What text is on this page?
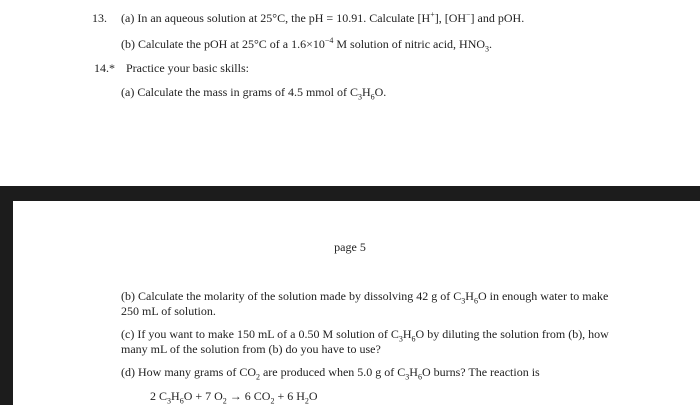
13. (a) In an aqueous solution at 25°C, the pH = 10.91. Calculate [H+], [OH−] and pOH.
(b) Calculate the pOH at 25°C of a $1.6\times 10^{-4}$ M solution of nitric acid, $HNO_3$.
14.* Practice your basic skills:
(a) Calculate the mass in grams of 4.5 mmol of $C_3H_6O$.
page 5
(b) Calculate the molarity of the solution made by dissolving 42 g of $C_3H_6O$ in enough water to make
250 mL of solution.
(c) If you want to make 150 mL of a 0.50 M solution of $C_3H_6O$ by diluting the solution from (b), how
many mL of the solution from (b) do you have to use?
(d) How many grams of $CO_2$ are produced when 5.0 g of $C_3H_6O$ burns? The reaction is
2 $C_3H_6O + 7$ $O_2 \to 6$ $CO_2 + 6$ $H_2O$
